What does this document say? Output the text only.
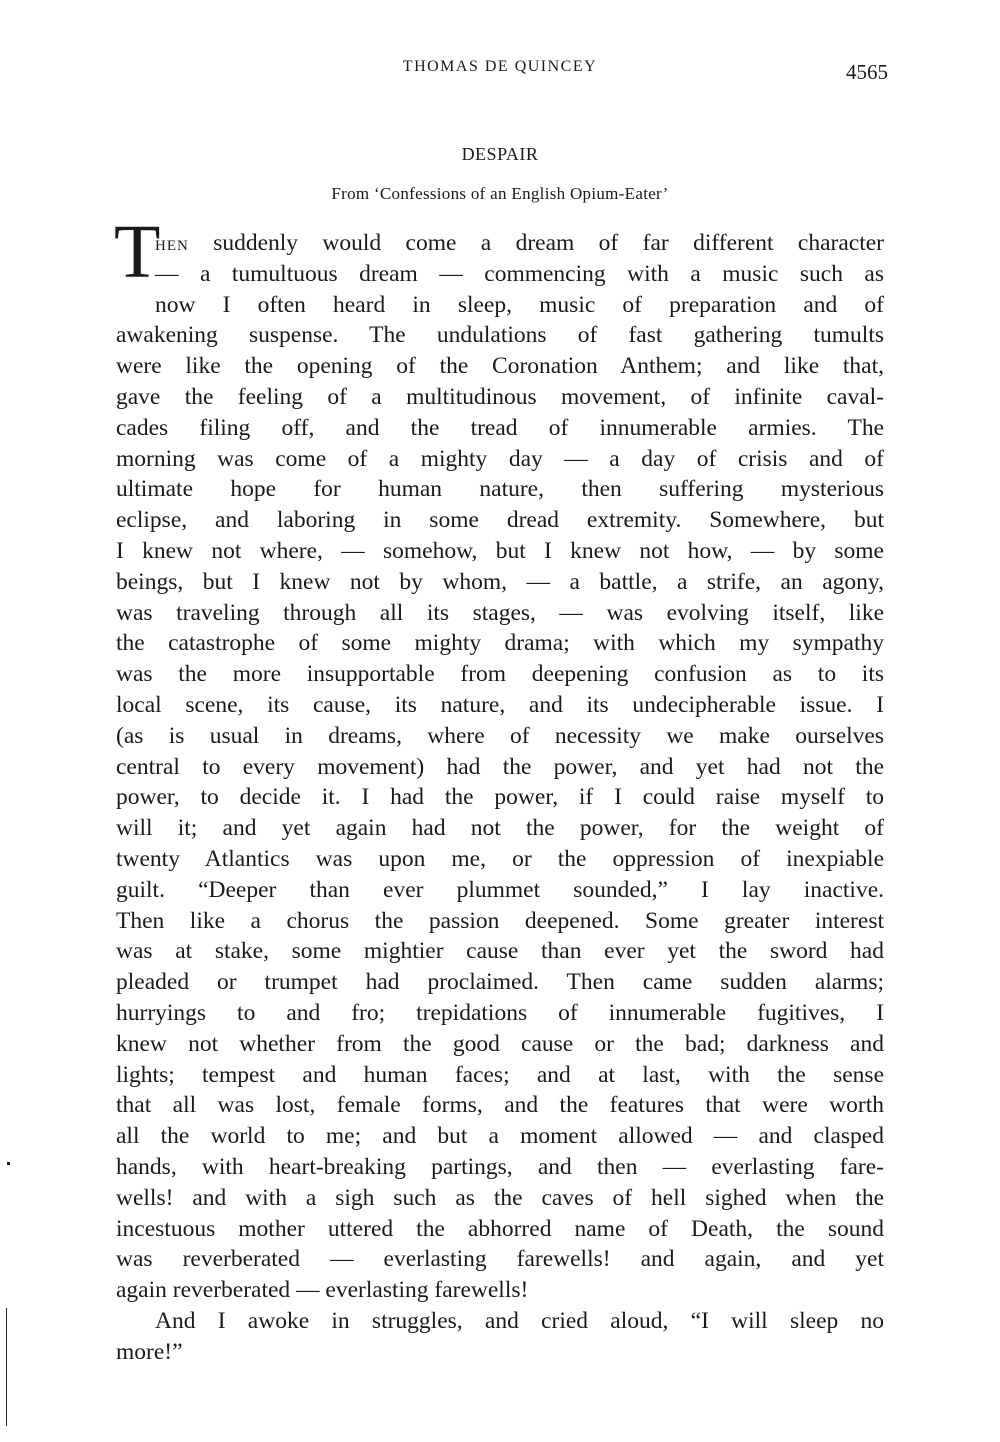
THOMAS DE QUINCEY	4565
DESPAIR
From ‘Confessions of an English Opium-Eater’
T
HEN suddenly would come a dream of far different character
— a tumultuous dream — commencing with a music such as
now I often heard in sleep, music of preparation and of
awakening suspense. The undulations of fast gathering tumults
were like the opening of the Coronation Anthem; and like that,
gave the feeling of a multitudinous movement, of infinite caval-
cades filing off, and the tread of innumerable armies. The
morning was come of a mighty day — a day of crisis and of
ultimate hope for human nature, then suffering mysterious
eclipse, and laboring in some dread extremity. Somewhere, but
I knew not where, — somehow, but I knew not how, — by some
beings, but I knew not by whom, — a battle, a strife, an agony,
was traveling through all its stages, — was evolving itself, like
the catastrophe of some mighty drama; with which my sympathy
was the more insupportable from deepening confusion as to its
local scene, its cause, its nature, and its undecipherable issue. I
(as is usual in dreams, where of necessity we make ourselves
central to every movement) had the power, and yet had not the
power, to decide it. I had the power, if I could raise myself to
will it; and yet again had not the power, for the weight of
twenty Atlantics was upon me, or the oppression of inexpiable
guilt. “Deeper than ever plummet sounded,” I lay inactive.
Then like a chorus the passion deepened. Some greater interest
was at stake, some mightier cause than ever yet the sword had
pleaded or trumpet had proclaimed. Then came sudden alarms;
hurryings to and fro; trepidations of innumerable fugitives, I
knew not whether from the good cause or the bad; darkness and
lights; tempest and human faces; and at last, with the sense
that all was lost, female forms, and the features that were worth
all the world to me; and but a moment allowed — and clasped
hands, with heart-breaking partings, and then — everlasting fare-
wells! and with a sigh such as the caves of hell sighed when the
incestuous mother uttered the abhorred name of Death, the sound
was reverberated — everlasting farewells! and again, and yet
again reverberated — everlasting farewells!
And I awoke in struggles, and cried aloud, “I will sleep no
more!”
